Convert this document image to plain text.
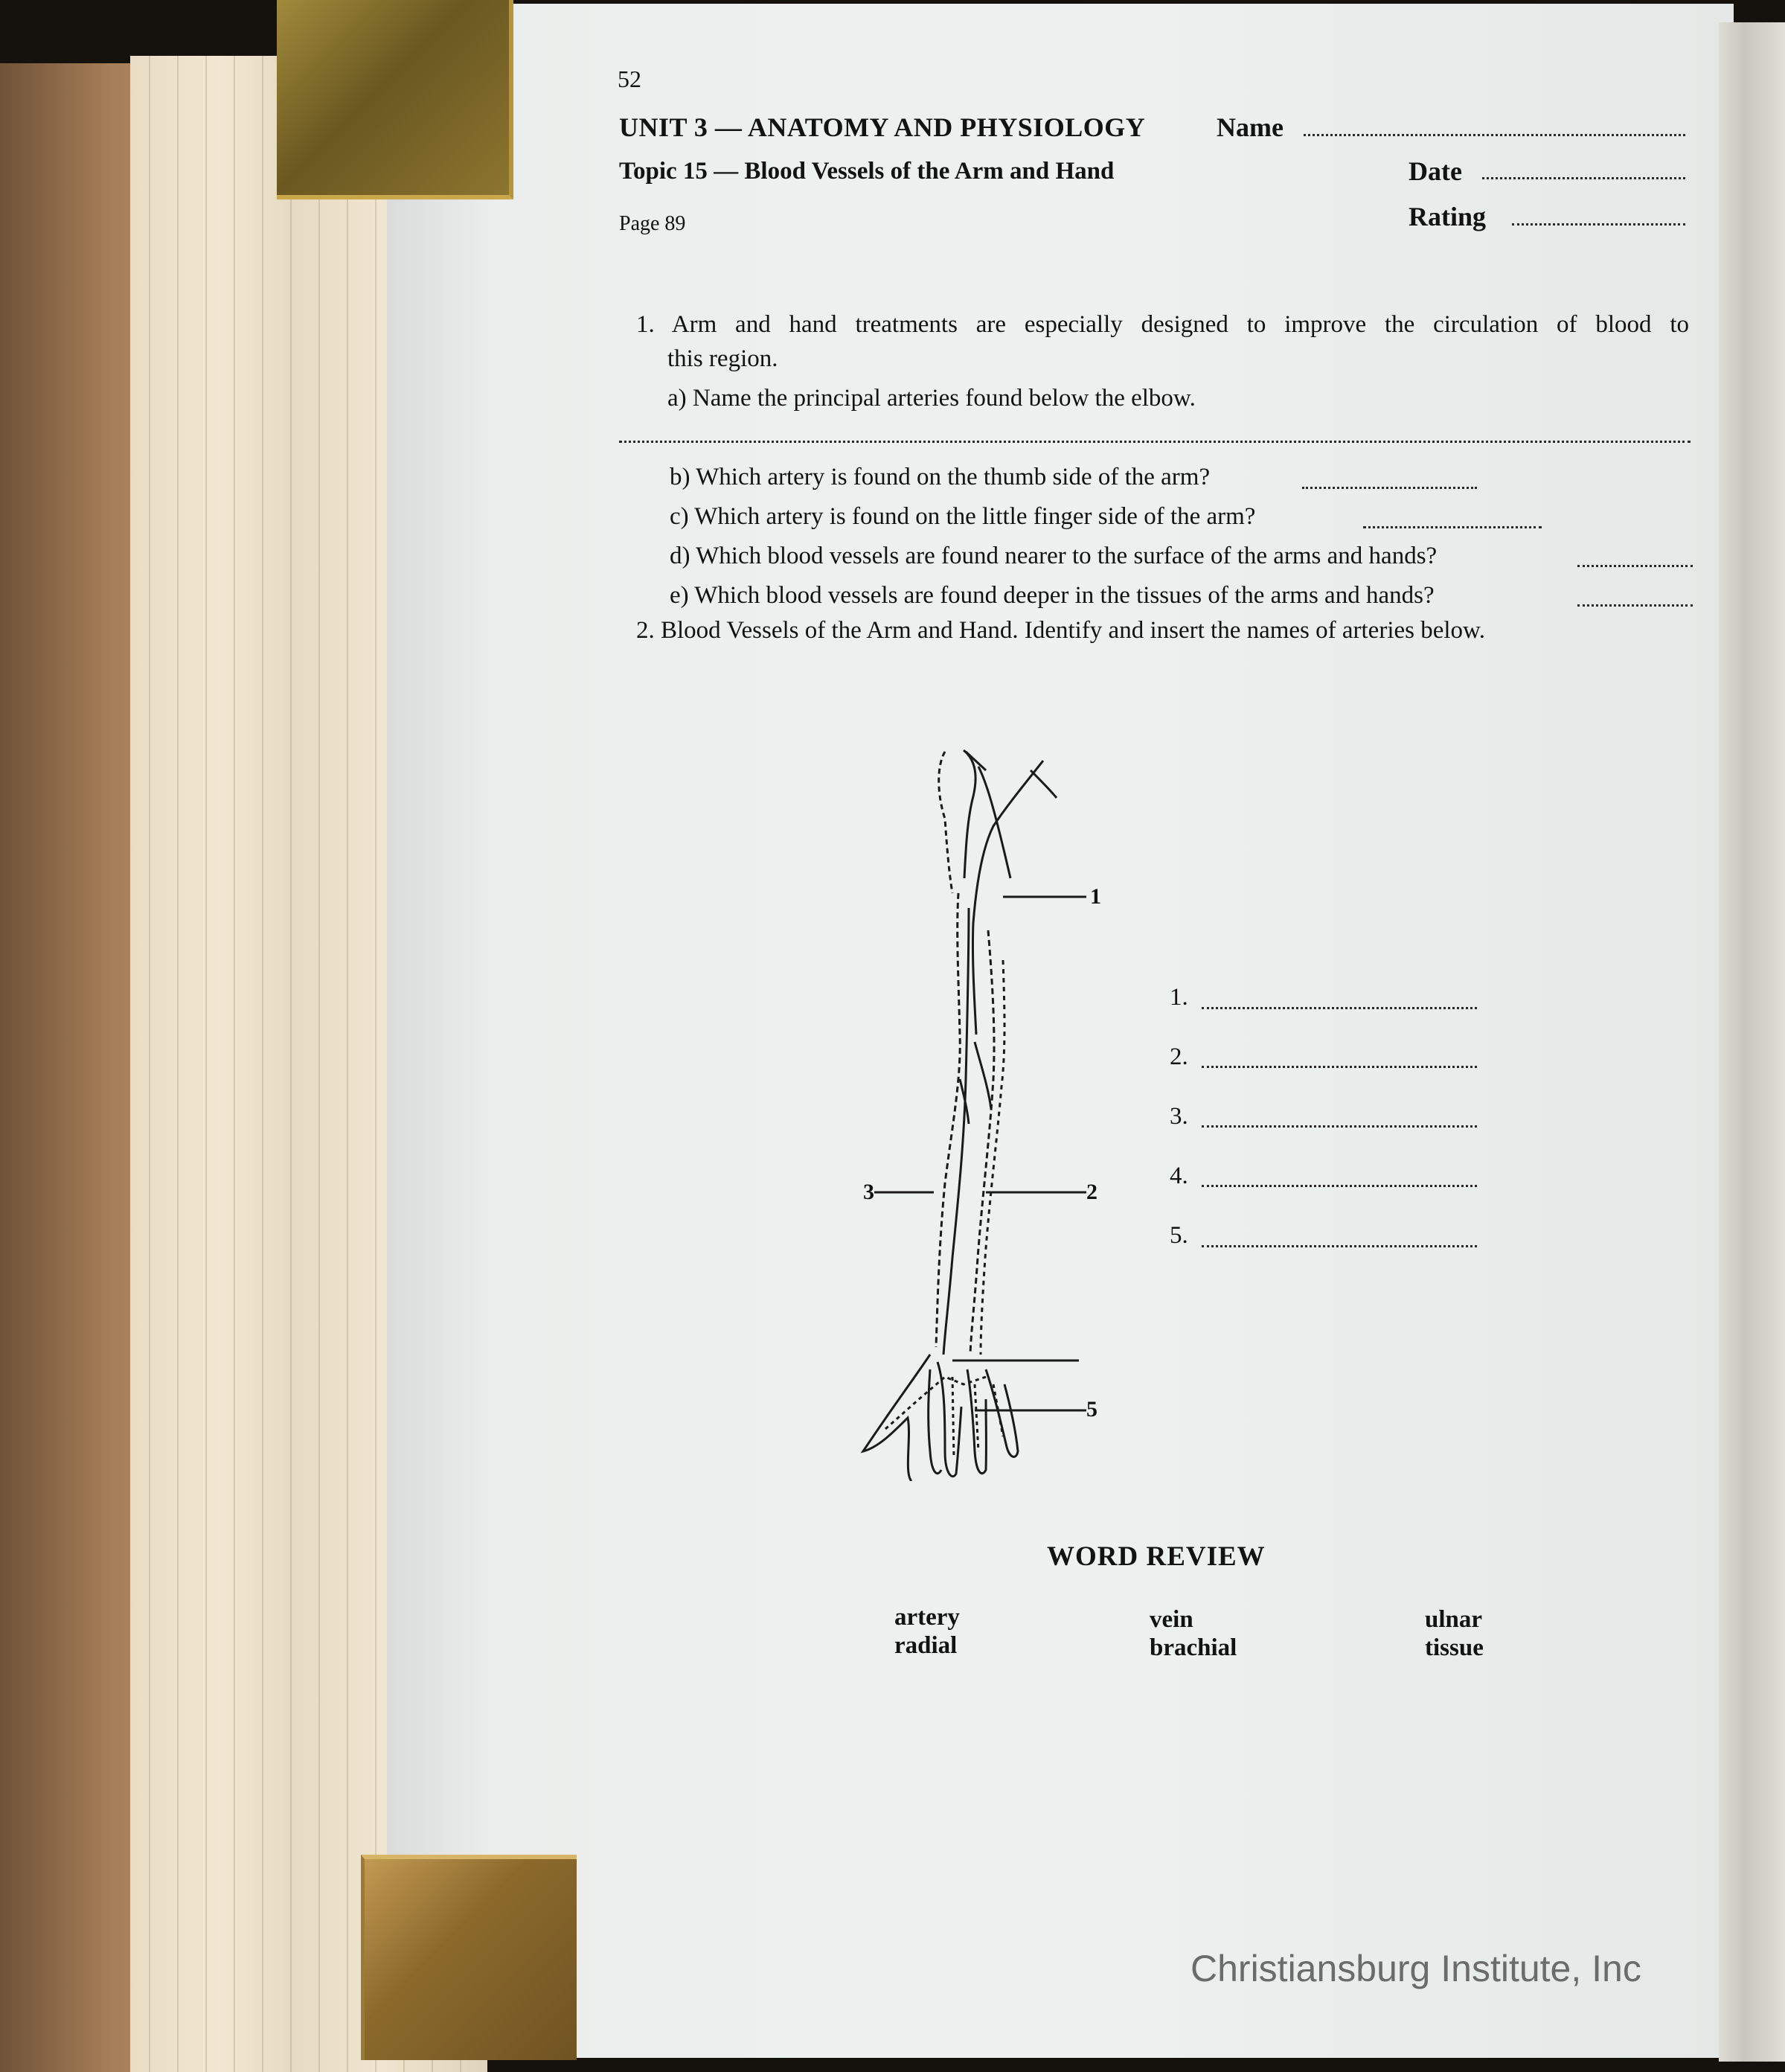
52
UNIT 3 — ANATOMY AND PHYSIOLOGY
Topic 15 — Blood Vessels of the Arm and Hand
Page 89
Name
Date
Rating
1. Arm and hand treatments are especially designed to improve the circulation of blood to
this region.
a) Name the principal arteries found below the elbow.
b) Which artery is found on the thumb side of the arm?
c) Which artery is found on the little finger side of the arm?
d) Which blood vessels are found nearer to the surface of the arms and hands?
e) Which blood vessels are found deeper in the tissues of the arms and hands?
2. Blood Vessels of the Arm and Hand. Identify and insert the names of arteries below.
1
2
3
5
1.
2.
3.
4.
5.
WORD REVIEW
artery
radial
vein
brachial
ulnar
tissue
Christiansburg Institute, Inc
